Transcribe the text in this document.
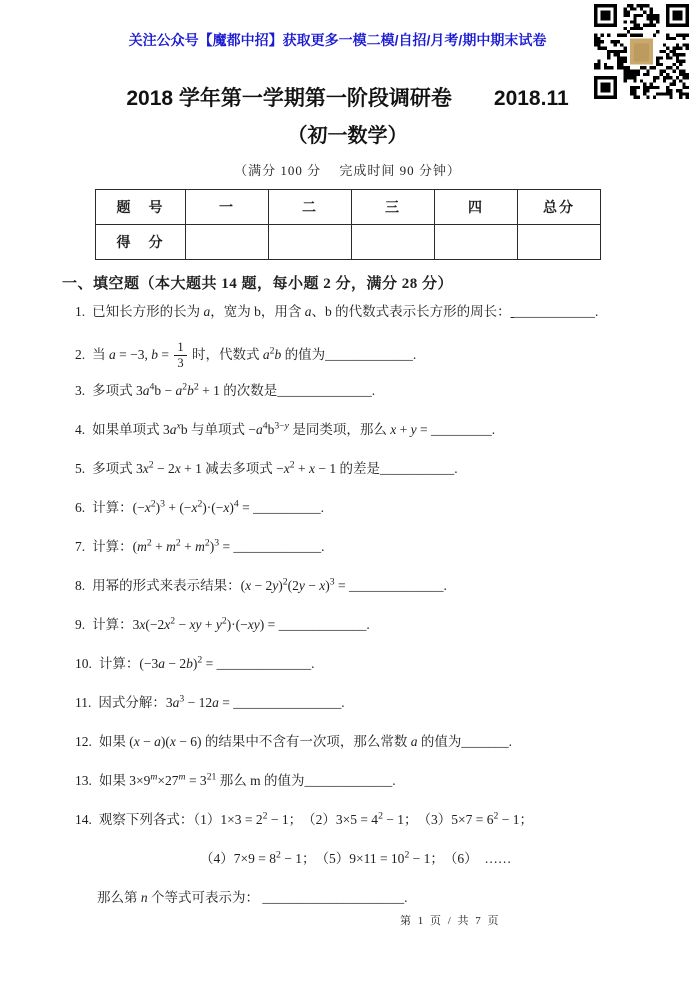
关注公众号【魔都中招】获取更多一模二模/自招/月考/期中期末试卷
2018 学年第一学期第一阶段调研卷　　2018.11
（初一数学）
（满分 100 分　 完成时间 90 分钟）
题　号	一	二	三	四	总分
得　分					
一、填空题（本大题共 14 题，每小题 2 分，满分 28 分）
1. 已知长方形的长为 a，宽为 b，用含 a、b 的代数式表示长方形的周长： ____________.
2. 当 a = −3, $b = \frac{1}{3}$ 时，代数式 $a^2b$ 的值为_____________.
3. 多项式 $3a^4b - a^2b^2 + 1$ 的次数是______________.
4. 如果单项式 $3a^xb$ 与单项式 $-a^4b^{3-y}$ 是同类项，那么 x + y = _________.
5. 多项式 $3x^2 - 2x + 1$ 减去多项式 $-x^2 + x - 1$ 的差是___________.
6. 计算：$(-x^2)^3 + (-x^2)\cdot(-x)^4$ = __________.
7. 计算：$(m^2 + m^2 + m^2)^3$ = _____________.
8. 用幂的形式来表示结果：$(x - 2y)^2(2y - x)^3$ = ______________.
9. 计算：$3x(-2x^2$ − xy + $y^2)\cdot(-xy)$ = _____________.
10. 计算：$(-3a - 2b)^2$ = ______________.
11. 因式分解：$3a^3 - 12a$ = ________________.
12. 如果 (x − a)(x − 6) 的结果中不含有一次项，那么常数 a 的值为_______.
13. 如果 $3\times 9^m\times 27^m = 3^{21}$ 那么 m 的值为_____________.
14. 观察下列各式：$(1)1\times 3 = 2^2 - 1$；　$(2)3\times 5 = 4^2 - 1$；　$(3)5\times 7 = 6^2 - 1$；
$(4)7\times 9 = 8^2 - 1$；　$(5)9\times 11 = 10^2 - 1$；　（6）　……
那么第 n 个等式可表示为： _____________________.
第 1 页 / 共 7 页
